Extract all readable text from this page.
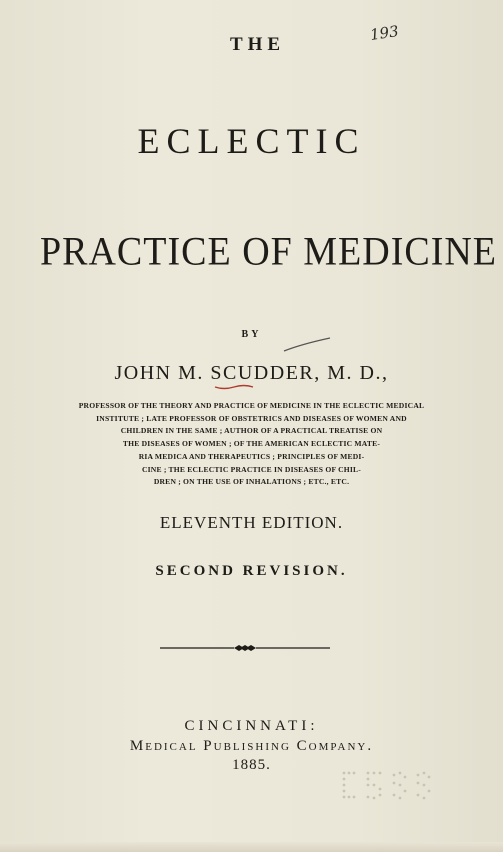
193
THE
ECLECTIC
PRACTICE OF MEDICINE
BY
JOHN M. SCUDDER, M. D.,
PROFESSOR OF THE THEORY AND PRACTICE OF MEDICINE IN THE ECLECTIC MEDICAL
INSTITUTE ; LATE PROFESSOR OF OBSTETRICS AND DISEASES OF WOMEN AND
CHILDREN IN THE SAME ; AUTHOR OF A PRACTICAL TREATISE ON
THE DISEASES OF WOMEN ; OF THE AMERICAN ECLECTIC MATE-
RIA MEDICA AND THERAPEUTICS ; PRINCIPLES OF MEDI-
CINE ; THE ECLECTIC PRACTICE IN DISEASES OF CHIL-
DREN ; ON THE USE OF INHALATIONS ; ETC., ETC.
ELEVENTH EDITION.
SECOND REVISION.
CINCINNATI:
Medical Publishing Company.
1885.
